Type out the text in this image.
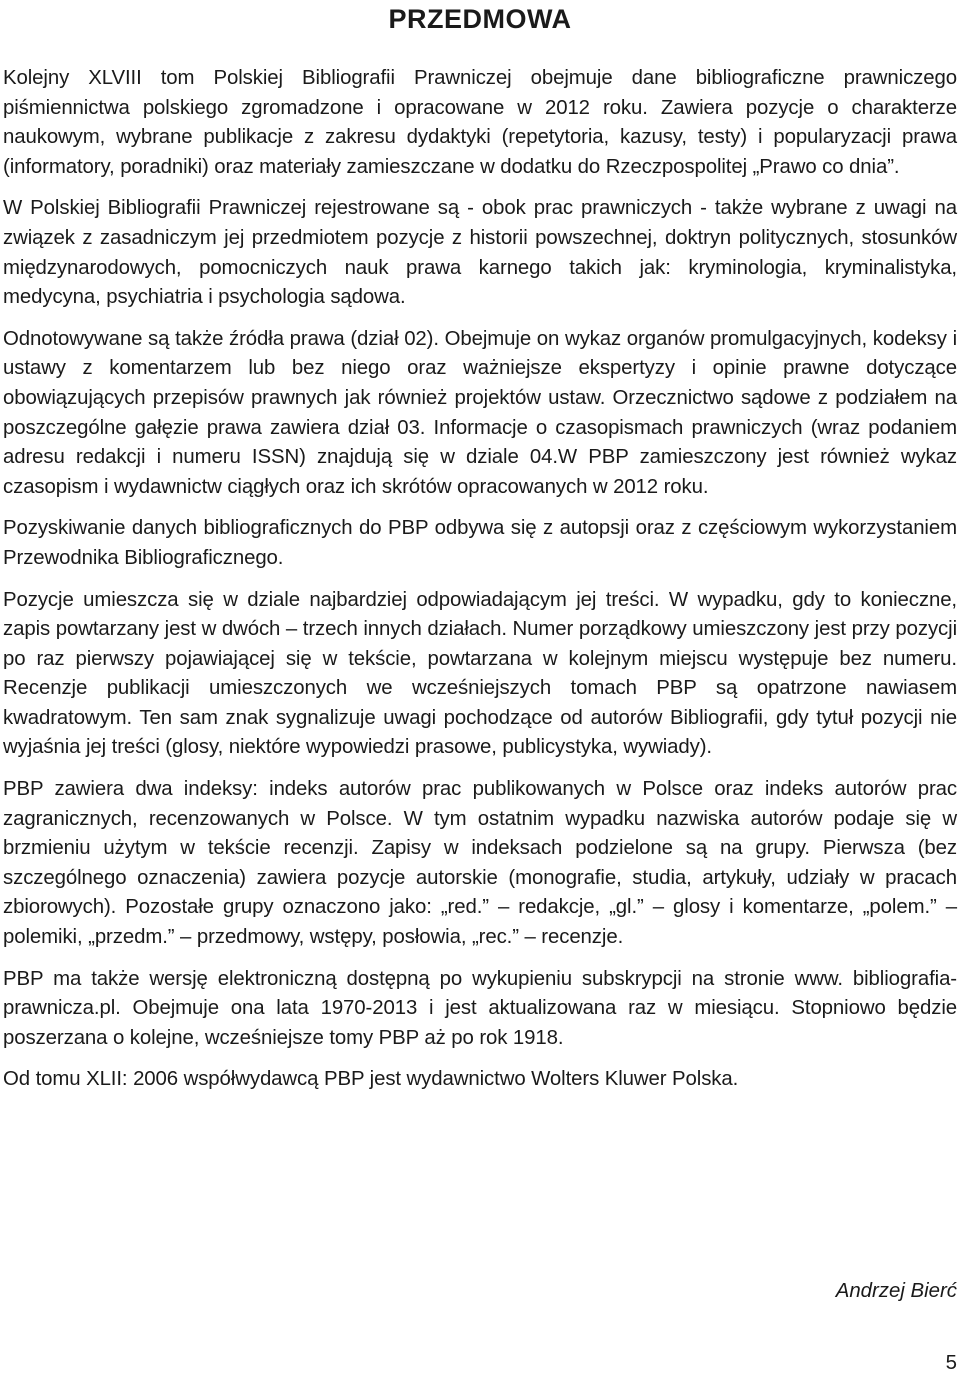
PRZEDMOWA

Kolejny XLVIII tom Polskiej Bibliografii Prawniczej obejmuje dane bibliograficzne prawniczego piśmiennictwa polskiego zgromadzone i opracowane w 2012 roku. Zawiera pozycje o charakterze naukowym, wybrane publikacje z zakresu dydaktyki (repetytoria, kazusy, testy) i popularyzacji prawa (informatory, poradniki) oraz materiały zamieszczane w dodatku do Rzeczpospolitej „Prawo co dnia”.

W Polskiej Bibliografii Prawniczej rejestrowane są - obok prac prawniczych - także wybrane z uwagi na związek z zasadniczym jej przedmiotem pozycje z historii powszechnej, doktryn politycznych, stosunków międzynarodowych, pomocniczych nauk prawa karnego takich jak: kryminologia, kryminalistyka, medycyna, psychiatria i psychologia sądowa.

Odnotowywane są także źródła prawa (dział 02). Obejmuje on wykaz organów promulgacyjnych, kodeksy i ustawy z komentarzem lub bez niego oraz ważniejsze ekspertyzy i opinie prawne dotyczące obowiązujących przepisów prawnych jak również projektów ustaw. Orzecznictwo sądowe z podziałem na poszczególne gałęzie prawa zawiera dział 03. Informacje o czasopismach prawniczych (wraz podaniem adresu redakcji i numeru ISSN) znajdują się w dziale 04.W PBP zamieszczony jest również wykaz czasopism i wydawnictw ciągłych oraz ich skrótów opracowanych w 2012 roku.

Pozyskiwanie danych bibliograficznych do PBP odbywa się z autopsji oraz z częściowym wykorzystaniem Przewodnika Bibliograficznego.

Pozycje umieszcza się w dziale najbardziej odpowiadającym jej treści. W wypadku, gdy to konieczne, zapis powtarzany jest w dwóch – trzech innych działach. Numer porządkowy umieszczony jest przy pozycji po raz pierwszy pojawiającej się w tekście, powtarzana w kolejnym miejscu występuje bez numeru. Recenzje publikacji umieszczonych we wcześniejszych tomach PBP są opatrzone nawiasem kwadratowym. Ten sam znak sygnalizuje uwagi pochodzące od autorów Bibliografii, gdy tytuł pozycji nie wyjaśnia jej treści (glosy, niektóre wypowiedzi prasowe, publicystyka, wywiady).

PBP zawiera dwa indeksy: indeks autorów prac publikowanych w Polsce oraz indeks autorów prac zagranicznych, recenzowanych w Polsce. W tym ostatnim wypadku nazwiska autorów podaje się w brzmieniu użytym w tekście recenzji. Zapisy w indeksach podzielone są na grupy. Pierwsza (bez szczególnego oznaczenia) zawiera pozycje autorskie (monografie, studia, artykuły, udziały w pracach zbiorowych). Pozostałe grupy oznaczono jako: „red.” – redakcje, „gl.” – glosy i komentarze, „polem.” – polemiki, „przedm.” – przedmowy, wstępy, posłowia, „rec.” – recenzje.

PBP ma także wersję elektroniczną dostępną po wykupieniu subskrypcji na stronie www. bibliografia-prawnicza.pl. Obejmuje ona lata 1970-2013 i jest aktualizowana raz w miesiącu. Stopniowo będzie poszerzana o kolejne, wcześniejsze tomy PBP aż po rok 1918.

Od tomu XLII: 2006 współwydawcą PBP jest wydawnictwo Wolters Kluwer Polska.

Andrzej Bierć
5
